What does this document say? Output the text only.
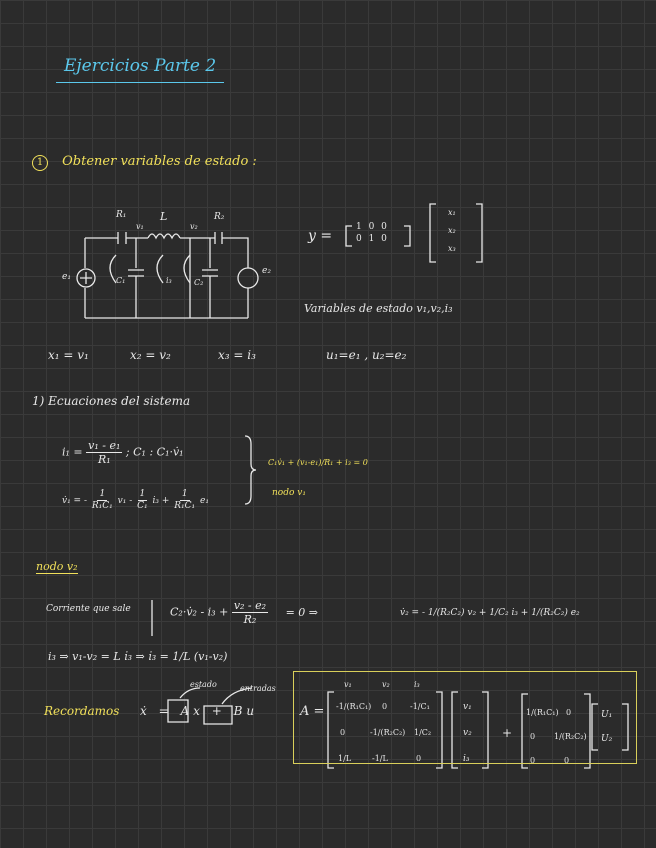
Ejercicios Parte 2
1 Obtener variables de estado :
R₁
v₁
L
v₂
R₂
e₁
e₂
C₁	i₃	C₂
y =
1 0 0
0 1 0
x₁
x₂
x₃
Variables de estado v₁,v₂,i₃
x₁ = v₁	x₂ = v₂	x₃ = i₃	u₁=e₁ , u₂=e₂
1) Ecuaciones del sistema
$i_1 = \frac{\text{v₁ - e₁}}{\text{R₁}}$ ; C₁ : C₁·v̇₁
v̇₁ = - $\frac{1}{\text{R₁C₁}} v_1 - \frac{1}{\text{C₁}} i_3 + \frac{1}{\text{R₁C₁}} e_1$
C₁v̇₁ + (v₁-e₁)/R₁ + i₃ = 0
nodo v₁
nodo v₂
Corriente que sale	C₂·v̇₂ - $i_3 + \frac{\text{v₂ - e₂}}{\text{R₂}} = 0$ ⇒	v̇₂ = - 1/(R₂C₂) v₂ + 1/C₂ i₃ + 1/(R₂C₂) e₂
i₃ ⇒ v₁-v₂ = L i̇₃ ⇒ i̇₃ = 1/L (v₁-v₂)
Recordamos ẋ = Ax + Bu
estado	entradas
A =
v₁	v₂	i₃
-1/(R₁C₁) 0	-1/C₁
0	-1/(R₂C₂) 1/C₂
1/L	-1/L	0
v₁
v₂
i₃
+
1/(R₁C₁) 0
0 1/(R₂C₂)
0	0
U₁
U₂
